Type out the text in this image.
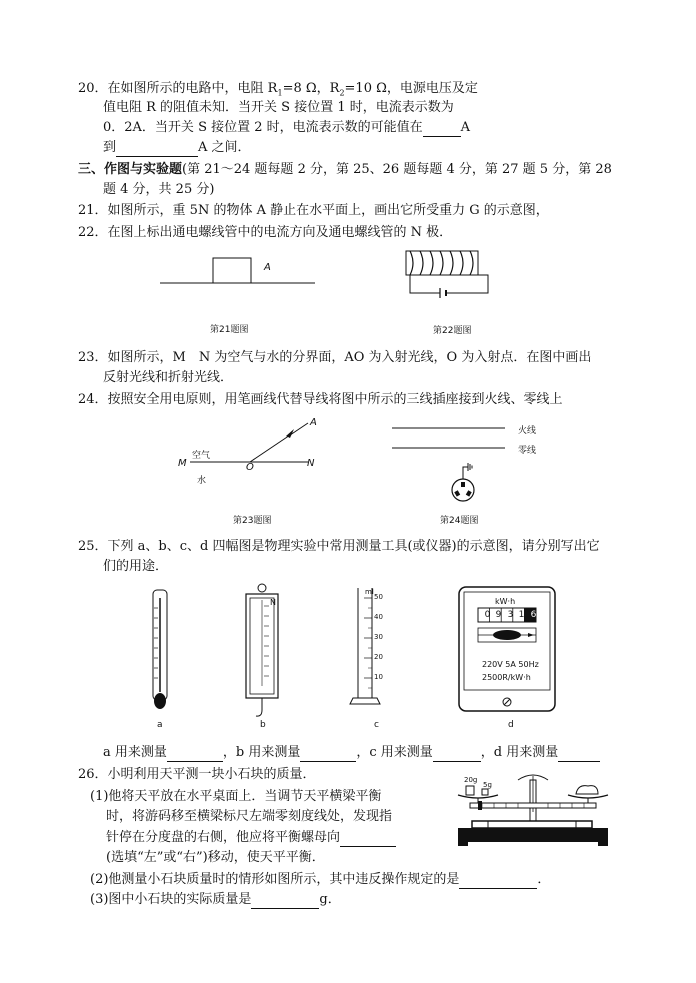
20．在如图所示的电路中，电阻 $R_1=8$ Ω，$R_2=10$ Ω，电源电压及定
值电阻 R 的阻值未知．当开关 S 接位置 1 时，电流表示数为
0．2A．当开关 S 接位置 2 时，电流表示数的可能值在	A
到	A 之间．
三、作图与实验题(第 21～24 题每题 2 分，第 25、26 题每题 4 分，第 27 题 5 分，第 28
题 4 分，共 25 分)
21．如图所示，重 5N 的物体 A 静止在水平面上，画出它所受重力 G 的示意图，
22．在图上标出通电螺线管中的电流方向及通电螺线管的 N 极．
A
第21题图	第22题图
23．如图所示，M　N 为空气与水的分界面，AO 为入射光线，O 为入射点．在图中画出
反射光线和折射光线．
24．按照安全用电原则，用笔画线代替导线将图中所示的三线插座接到火线、零线上
A
空气
M	O	N
水
第23题图
火线
零线
第24题图
25．下列 a、b、c、d 四幅图是物理实验中常用测量工具(或仪器)的示意图，请分别写出它
们的用途．
a
N
b
ml
50
40
30
20
10
c
kW·h
0 9 3 1 6
220V 5A 50Hz
2500R/kW·h
d
a 用来测量	，b 用来测量	，c 用来测量	，d 用来测量
26．小明利用天平测一块小石块的质量．
(1)他将天平放在水平桌面上．当调节天平横梁平衡
时，将游码移至横梁标尺左端零刻度线处，发现指
针停在分度盘的右侧，他应将平衡螺母向
(选填“左”或“右”)移动，使天平平衡．
(2)他测量小石块质量时的情形如图所示，其中违反操作规定的是	．
(3)图中小石块的实际质量是	g．
20g
5g
